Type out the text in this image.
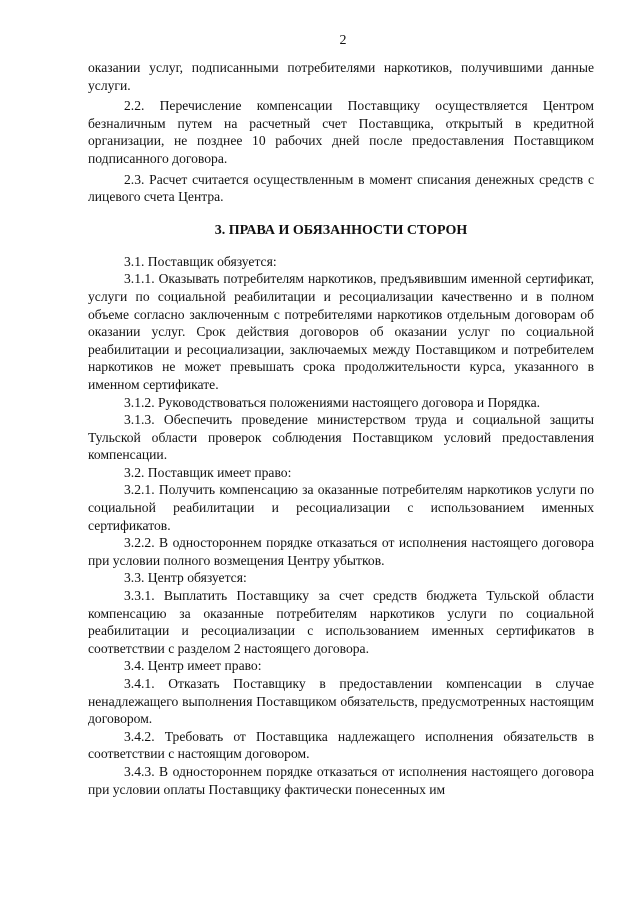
2

оказании услуг, подписанными потребителями наркотиков, получившими данные услуги.

2.2. Перечисление компенсации Поставщику осуществляется Центром безналичным путем на расчетный счет Поставщика, открытый в кредитной организации, не позднее 10 рабочих дней после предоставления Поставщиком подписанного договора.

2.3. Расчет считается осуществленным в момент списания денежных средств с лицевого счета Центра.

3. ПРАВА И ОБЯЗАННОСТИ СТОРОН

3.1. Поставщик обязуется:

3.1.1. Оказывать потребителям наркотиков, предъявившим именной сертификат, услуги по социальной реабилитации и ресоциализации качественно и в полном объеме согласно заключенным с потребителями наркотиков отдельным договорам об оказании услуг. Срок действия договоров об оказании услуг по социальной реабилитации и ресоциализации, заключаемых между Поставщиком и потребителем наркотиков не может превышать срока продолжительности курса, указанного в именном сертификате.

3.1.2. Руководствоваться положениями настоящего договора и Порядка.

3.1.3. Обеспечить проведение министерством труда и социальной защиты Тульской области проверок соблюдения Поставщиком условий предоставления компенсации.

3.2. Поставщик имеет право:

3.2.1. Получить компенсацию за оказанные потребителям наркотиков услуги по социальной реабилитации и ресоциализации с использованием именных сертификатов.

3.2.2. В одностороннем порядке отказаться от исполнения настоящего договора при условии полного возмещения Центру убытков.

3.3. Центр обязуется:

3.3.1. Выплатить Поставщику за счет средств бюджета Тульской области компенсацию за оказанные потребителям наркотиков услуги по социальной реабилитации и ресоциализации с использованием именных сертификатов в соответствии с разделом 2 настоящего договора.

3.4. Центр имеет право:

3.4.1. Отказать Поставщику в предоставлении компенсации в случае ненадлежащего выполнения Поставщиком обязательств, предусмотренных настоящим договором.

3.4.2. Требовать от Поставщика надлежащего исполнения обязательств в соответствии с настоящим договором.

3.4.3. В одностороннем порядке отказаться от исполнения настоящего договора при условии оплаты Поставщику фактически понесенных им
